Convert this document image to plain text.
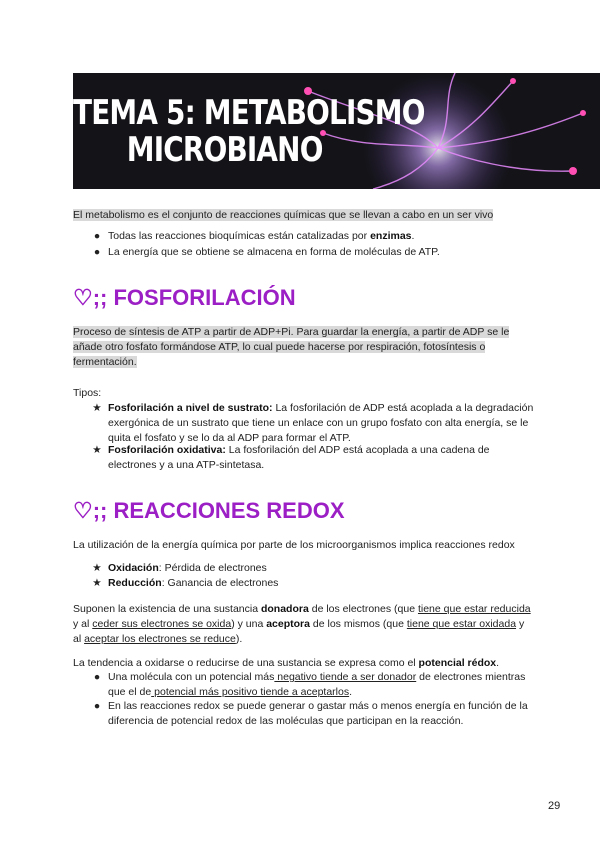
TEMA 5: METABOLISMO
MICROBIANO

El metabolismo es el conjunto de reacciones químicas que se llevan a cabo en un ser vivo

● Todas las reacciones bioquímicas están catalizadas por enzimas.
● La energía que se obtiene se almacena en forma de moléculas de ATP.
♡;; FOSFORILACIÓN

Proceso de síntesis de ATP a partir de ADP+Pi. Para guardar la energía, a partir de ADP se le añade otro fosfato formándose ATP, lo cual puede hacerse por respiración, fotosíntesis o fermentación.

Tipos:

★ Fosforilación a nivel de sustrato: La fosforilación de ADP está acoplada a la degradación exergónica de un sustrato que tiene un enlace con un grupo fosfato con alta energía, se le quita el fosfato y se lo da al ADP para formar el ATP.
★ Fosforilación oxidativa: La fosforilación del ADP está acoplada a una cadena de electrones y a una ATP-sintetasa.
♡;; REACCIONES REDOX

La utilización de la energía química por parte de los microorganismos implica reacciones redox

★ Oxidación: Pérdida de electrones
★ Reducción: Ganancia de electrones

Suponen la existencia de una sustancia donadora de los electrones (que tiene que estar reducida y al ceder sus electrones se oxida) y una aceptora de los mismos (que tiene que estar oxidada y al aceptar los electrones se reduce).

La tendencia a oxidarse o reducirse de una sustancia se expresa como el potencial rédox.

● Una molécula con un potencial más negativo tiende a ser donador de electrones mientras que el de potencial más positivo tiende a aceptarlos.
● En las reacciones redox se puede generar o gastar más o menos energía en función de la diferencia de potencial redox de las moléculas que participan en la reacción.
29
